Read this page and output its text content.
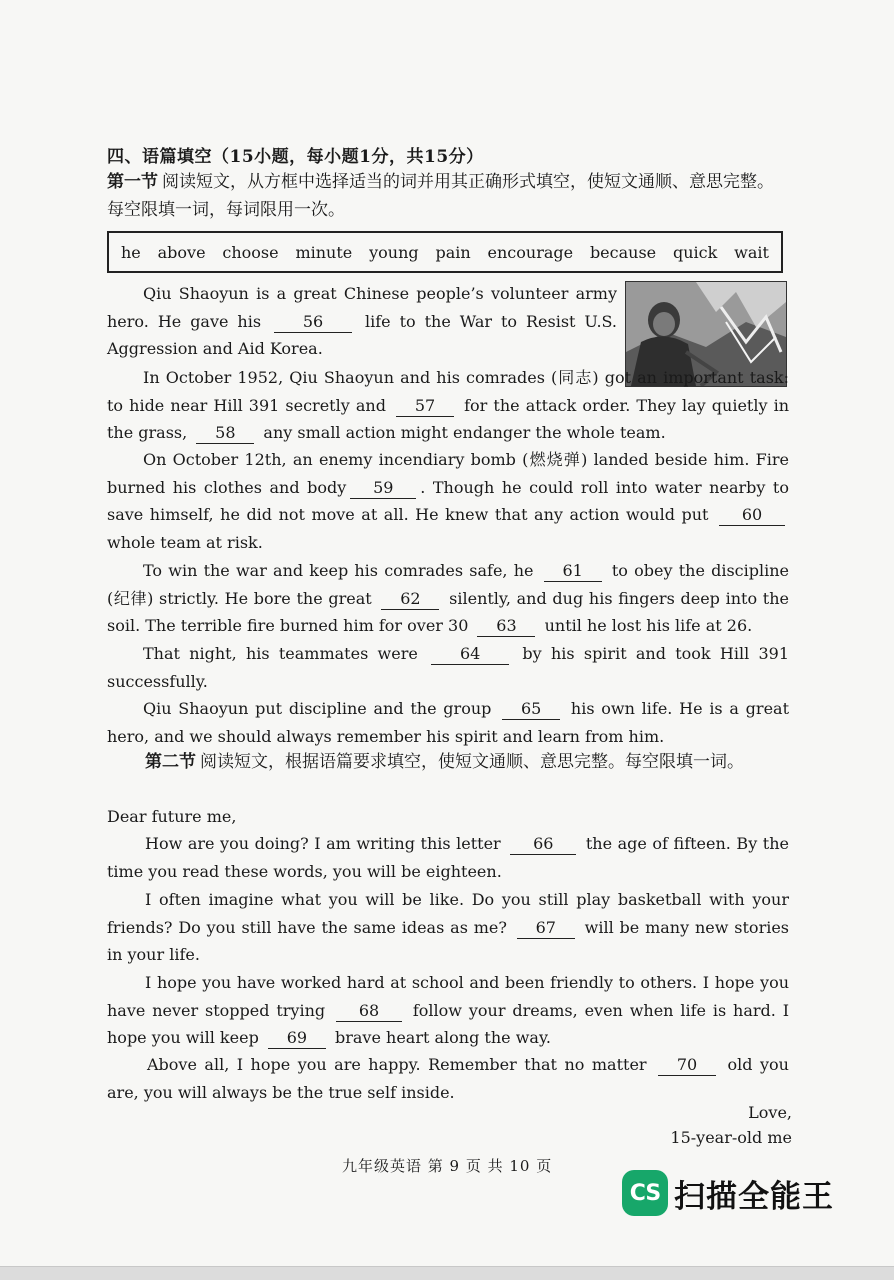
四、语篇填空（15小题，每小题1分，共15分）
第一节 阅读短文，从方框中选择适当的词并用其正确形式填空，使短文通顺、意思完整。每空限填一词，每词限用一次。
he above choose minute young pain encourage because quick wait
Qiu Shaoyun is a great Chinese people’s volunteer army hero. He gave his	56	life to the War to Resist U.S. Aggression and Aid Korea.
In October 1952, Qiu Shaoyun and his comrades (同志) got an important task: to hide near Hill 391 secretly and 57 for the attack order. They lay quietly in the grass, 58 any small action might endanger the whole team.
On October 12th, an enemy incendiary bomb (燃烧弹) landed beside him. Fire burned his clothes and body 59 . Though he could roll into water nearby to save himself, he did not move at all. He knew that any action would put 60 whole team at risk.
To win the war and keep his comrades safe, he 61 to obey the discipline (纪律) strictly. He bore the great 62 silently, and dug his fingers deep into the soil. The terrible fire burned him for over 30 63 until he lost his life at 26.
That night, his teammates were	64	by his spirit and took Hill 391 successfully.
Qiu Shaoyun put discipline and the group 65 his own life. He is a great hero, and we should always remember his spirit and learn from him.
第二节 阅读短文，根据语篇要求填空，使短文通顺、意思完整。每空限填一词。
Dear future me,
How are you doing? I am writing this letter 66 the age of fifteen. By the time you read these words, you will be eighteen.
I often imagine what you will be like. Do you still play basketball with your friends? Do you still have the same ideas as me? 67 will be many new stories in your life.
I hope you have worked hard at school and been friendly to others. I hope you have never stopped trying 68 follow your dreams, even when life is hard. I hope you will keep 69 brave heart along the way.
Above all, I hope you are happy. Remember that no matter 70 old you are, you will always be the true self inside.
Love,
15-year-old me
九年级英语 第 9 页 共 10 页
CS 扫描全能王
